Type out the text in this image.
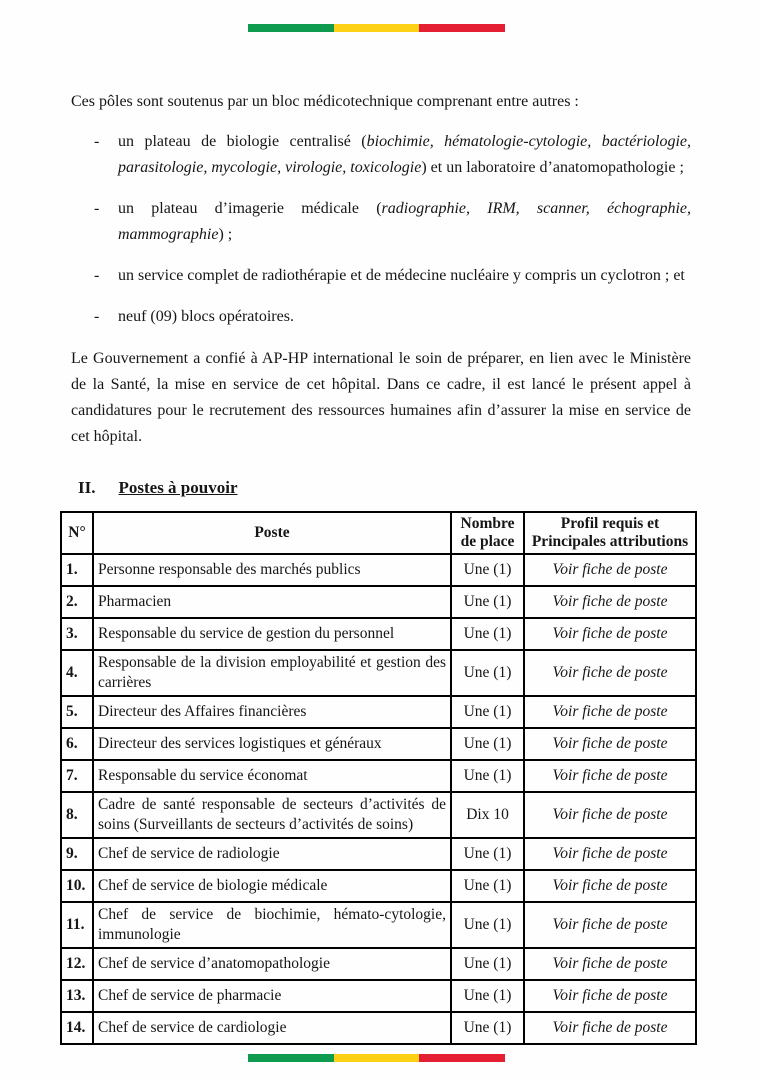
Ces pôles sont soutenus par un bloc médicotechnique comprenant entre autres :

- un plateau de biologie centralisé (biochimie, hématologie-cytologie, bactériologie, parasitologie, mycologie, virologie, toxicologie) et un laboratoire d’anatomopathologie ;
- un plateau d’imagerie médicale (radiographie, IRM, scanner, échographie, mammographie) ;
- un service complet de radiothérapie et de médecine nucléaire y compris un cyclotron ; et
- neuf (09) blocs opératoires.

Le Gouvernement a confié à AP-HP international le soin de préparer, en lien avec le Ministère de la Santé, la mise en service de cet hôpital. Dans ce cadre, il est lancé le présent appel à candidatures pour le recrutement des ressources humaines afin d’assurer la mise en service de cet hôpital.

II. Postes à pouvoir
N°	Poste	Nombre de place	Profil requis et Principales attributions
1.	Personne responsable des marchés publics	Une (1)	Voir fiche de poste
2.	Pharmacien	Une (1)	Voir fiche de poste
3.	Responsable du service de gestion du personnel	Une (1)	Voir fiche de poste
4.	Responsable de la division employabilité et gestion des carrières	Une (1)	Voir fiche de poste
5.	Directeur des Affaires financières	Une (1)	Voir fiche de poste
6.	Directeur des services logistiques et généraux	Une (1)	Voir fiche de poste
7.	Responsable du service économat	Une (1)	Voir fiche de poste
8.	Cadre de santé responsable de secteurs d’activités de soins (Surveillants de secteurs d’activités de soins)	Dix 10	Voir fiche de poste
9.	Chef de service de radiologie	Une (1)	Voir fiche de poste
10.	Chef de service de biologie médicale	Une (1)	Voir fiche de poste
11.	Chef de service de biochimie, hémato-cytologie, immunologie	Une (1)	Voir fiche de poste
12.	Chef de service d’anatomopathologie	Une (1)	Voir fiche de poste
13.	Chef de service de pharmacie	Une (1)	Voir fiche de poste
14.	Chef de service de cardiologie	Une (1)	Voir fiche de poste
